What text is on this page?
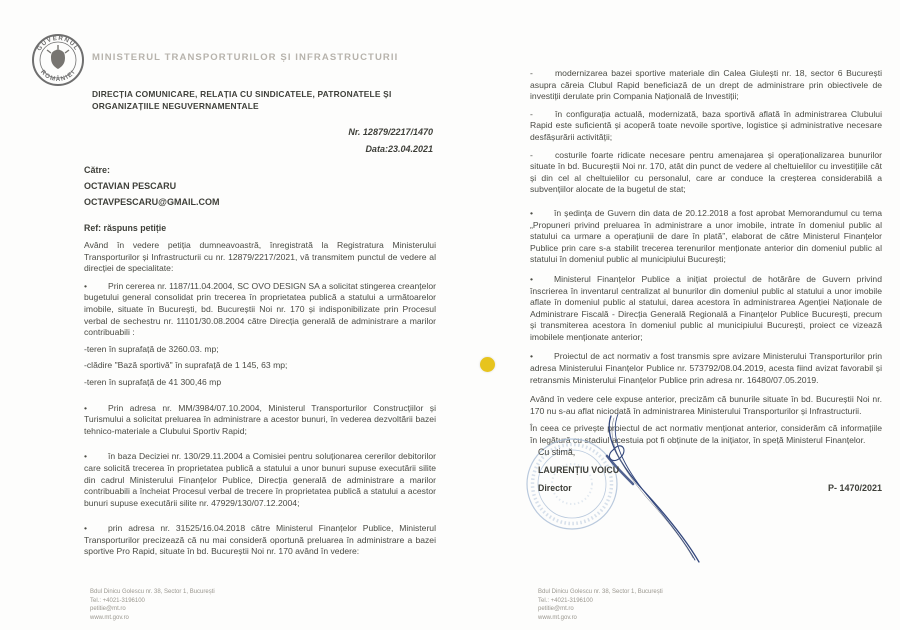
GUVERNUL
ROMÂNIEI
MINISTERUL TRANSPORTURILOR ȘI INFRASTRUCTURII
DIRECȚIA COMUNICARE, RELAȚIA CU SINDICATELE, PATRONATELE ȘI ORGANIZAȚIILE NEGUVERNAMENTALE
Nr. 12879/2217/1470
Data:23.04.2021
Către:
OCTAVIAN PESCARU
OCTAVPESCARU@GMAIL.COM
Ref: răspuns petiție

Având în vedere petiția dumneavoastră, înregistrată la Registratura Ministerului Transporturilor și Infrastructurii cu nr. 12879/2217/2021, vă transmitem punctul de vedere al direcției de specialitate:

• Prin cererea nr. 1187/11.04.2004, SC OVO DESIGN SA a solicitat stingerea creanțelor bugetului general consolidat prin trecerea în proprietatea publică a statului a următoarelor imobile, situate în București, bd. Bucureștii Noi nr. 170 și indisponibilizate prin Procesul verbal de sechestru nr. 11101/30.08.2004 către Direcția generală de administrare a marilor contribuabili :

-teren în suprafață de 3260.03. mp;

-clădire "Bază sportivă" în suprafață de 1 145, 63 mp;

-teren în suprafață de 41 300,46 mp

• Prin adresa nr. MM/3984/07.10.2004, Ministerul Transporturilor Construcțiilor și Turismului a solicitat preluarea în administrare a acestor bunuri, în vederea dezvoltării bazei tehnico-materiale a Clubului Sportiv Rapid;

• în baza Deciziei nr. 130/29.11.2004 a Comisiei pentru soluționarea cererilor debitorilor care solicită trecerea în proprietatea publică a statului a unor bunuri supuse executării silite din cadrul Ministerului Finanțelor Publice, Direcția generală de administrare a marilor contribuabili a încheiat Procesul verbal de trecere în proprietatea publică a statului a acestor bunuri supuse executării silite nr. 47929/130/07.12.2004;

• prin adresa nr. 31525/16.04.2018 către Ministerul Finanțelor Publice, Ministerul Transporturilor precizează că nu mai consideră oportună preluarea în administrare a bazei sportive Pro Rapid, situate în bd. Bucureștii Noi nr. 170 având în vedere:

-	modernizarea bazei sportive materiale din Calea Giulești nr. 18, sector 6 București asupra căreia Clubul Rapid beneficiază de un drept de administrare prin obiectivele de investiții derulate prin Compania Națională de Investiții;

-	în configurația actuală, modernizată, baza sportivă aflată în administrarea Clubului Rapid este suficientă și acoperă toate nevoile sportive, logistice și administrative necesare desfășurării activității;

-	costurile foarte ridicate necesare pentru amenajarea și operaționalizarea bunurilor situate în bd. Bucureștii Noi nr. 170, atât din punct de vedere al cheltuielilor cu investițiile cât și din cel al cheltuielilor cu personalul, care ar conduce la creșterea considerabilă a subvențiilor alocate de la bugetul de stat;

• în ședința de Guvern din data de 20.12.2018 a fost aprobat Memorandumul cu tema „Propuneri privind preluarea în administrare a unor imobile, intrate în domeniul public al statului ca urmare a operațiunii de dare în plată”, elaborat de către Ministerul Finanțelor Publice prin care s-a stabilit trecerea terenurilor menționate anterior din domeniul public al statului în domeniul public al municipiului București;

• Ministerul Finanțelor Publice a inițiat proiectul de hotărâre de Guvern privind înscrierea în inventarul centralizat al bunurilor din domeniul public al statului a unor imobile aflate în domeniul public al statului, darea acestora în administrarea Agenției Naționale de Administrare Fiscală - Direcția Generală Regională a Finanțelor Publice București, precum și transmiterea acestora în domeniul public al municipiului București, proiect ce vizează imobilele menționate anterior;

• Proiectul de act normativ a fost transmis spre avizare Ministerului Transporturilor prin adresa Ministerului Finanțelor Publice nr. 573792/08.04.2019, acesta fiind avizat favorabil și retransmis Ministerului Finanțelor Publice prin adresa nr. 16480/07.05.2019.

Având în vedere cele expuse anterior, precizăm că bunurile situate în bd. Bucureștii Noi nr. 170 nu s-au aflat niciodată în administrarea Ministerului Transporturilor și Infrastructurii.

În ceea ce privește proiectul de act normativ menționat anterior, considerăm că informațiile în legătură cu stadiul acestuia pot fi obținute de la inițiator, în speță Ministerul Finanțelor.

Cu stimă,
LAURENȚIU VOICU
Director	P- 1470/2021
Bdul Dinicu Golescu nr. 38, Sector 1, București
Tel.: +4021-3196100
petitie@mt.ro
www.mt.gov.ro
Bdul Dinicu Golescu nr. 38, Sector 1, București
Tel.: +4021-3196100
petitie@mt.ro
www.mt.gov.ro
